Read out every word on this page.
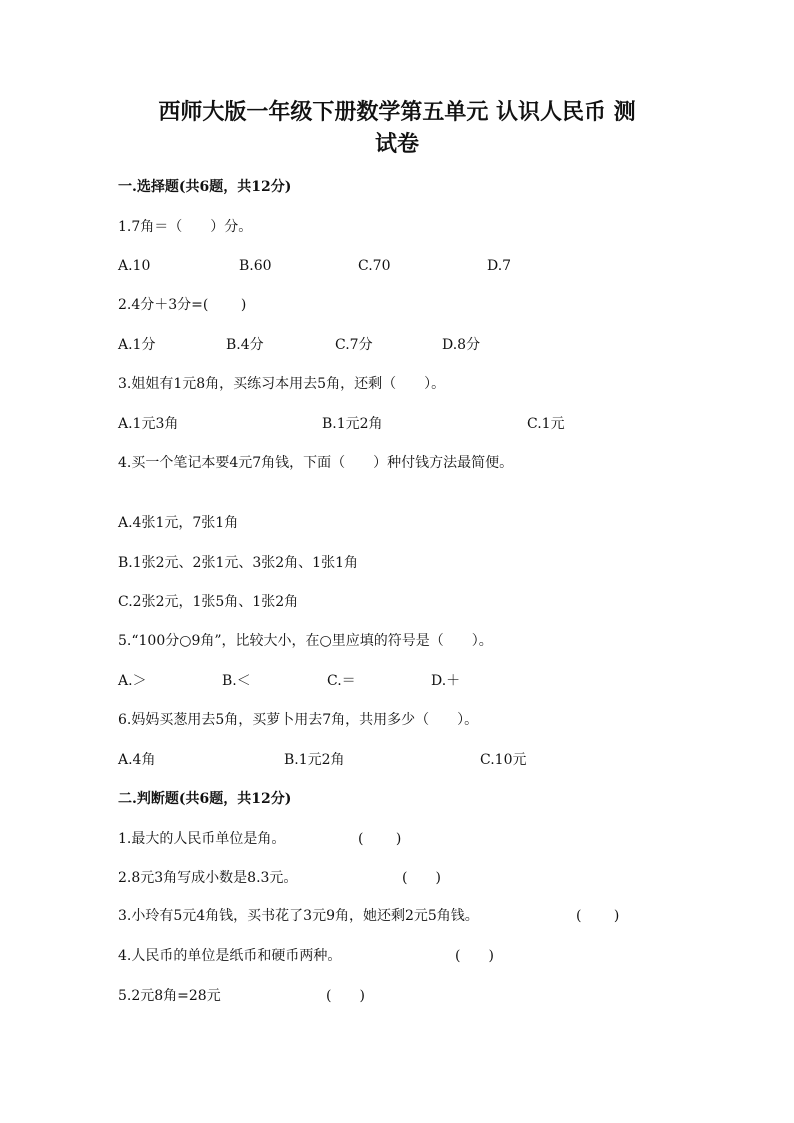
西师大版一年级下册数学第五单元 认识人民币 测
试卷
一.选择题(共6题，共12分)
1.7角＝（　　）分。
A.10	B.60	C.70	D.7
2.4分＋3分=(　　 )
A.1分	B.4分	C.7分	D.8分
3.姐姐有1元8角，买练习本用去5角，还剩（　　）。
A.1元3角	B.1元2角	C.1元
4.买一个笔记本要4元7角钱，下面（　　）种付钱方法最简便。
A.4张1元，7张1角
B.1张2元、2张1元、3张2角、1张1角
C.2张2元，1张5角、1张2角
5.“100分○9角”，比较大小，在○里应填的符号是（　　）。
A.＞	B.＜	C.＝	D.＋
6.妈妈买葱用去5角，买萝卜用去7角，共用多少（　　）。
A.4角	B.1元2角	C.10元
二.判断题(共6题，共12分)
1.最大的人民币单位是角。	(　　 )
2.8元3角写成小数是8.3元。	(　　)
3.小玲有5元4角钱，买书花了3元9角，她还剩2元5角钱。	(　　 )
4.人民币的单位是纸币和硬币两种。	(　　)
5.2元8角=28元	(　　)
